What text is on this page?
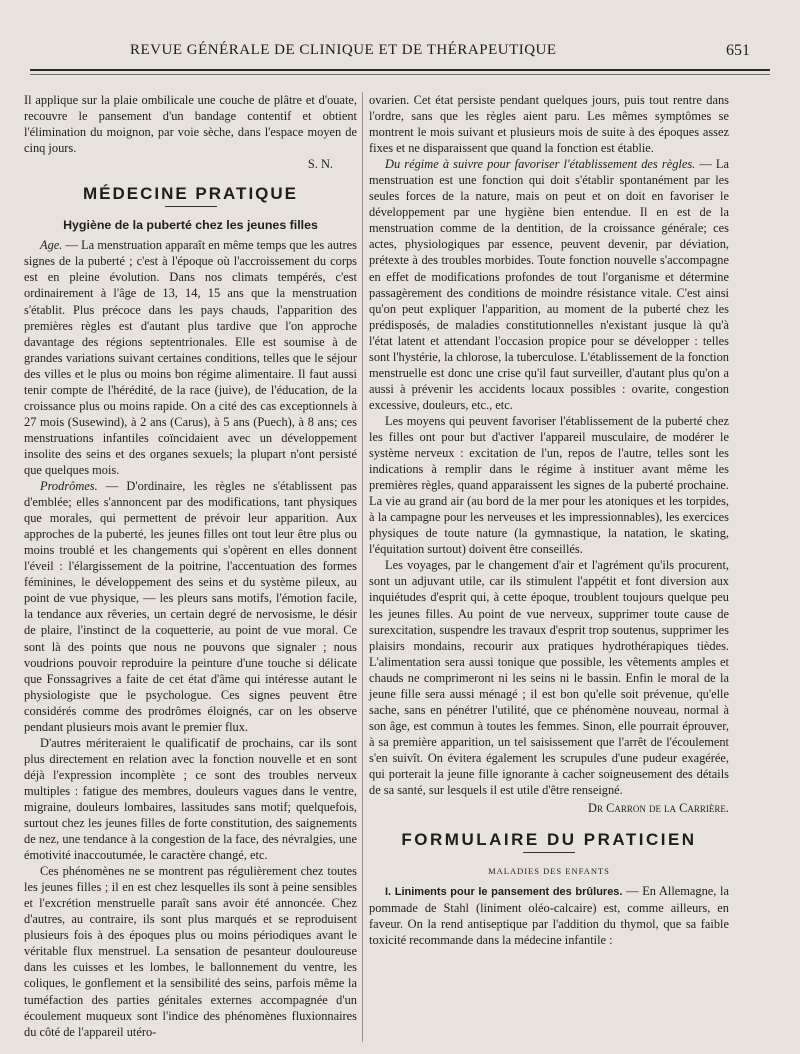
REVUE GÉNÉRALE DE CLINIQUE ET DE THÉRAPEUTIQUE	651

Il applique sur la plaie ombilicale une couche de plâtre et d'ouate, recouvre le pansement d'un bandage contentif et obtient l'élimination du moignon, par voie sèche, dans l'espace moyen de cinq jours.

S. N.
MÉDECINE PRATIQUE
Hygiène de la puberté chez les jeunes filles

Age. — La menstruation apparaît en même temps que les autres signes de la puberté ; c'est à l'époque où l'accroissement du corps est en pleine évolution. Dans nos climats tempérés, c'est ordinairement à l'âge de 13, 14, 15 ans que la menstruation s'établit. Plus précoce dans les pays chauds, l'apparition des premières règles est d'autant plus tardive que l'on approche davantage des régions septentrionales. Elle est soumise à de grandes variations suivant certaines conditions, telles que le séjour des villes et le plus ou moins bon régime alimentaire. Il faut aussi tenir compte de l'hérédité, de la race (juive), de l'éducation, de la croissance plus ou moins rapide. On a cité des cas exceptionnels à 27 mois (Susewind), à 2 ans (Carus), à 5 ans (Puech), à 8 ans; ces menstruations infantiles coïncidaient avec un développement insolite des seins et des organes sexuels; la plupart n'ont persisté que quelques mois.

Prodrômes. — D'ordinaire, les règles ne s'établissent pas d'emblée; elles s'annoncent par des modifications, tant physiques que morales, qui permettent de prévoir leur apparition. Aux approches de la puberté, les jeunes filles ont tout leur être plus ou moins troublé et les changements qui s'opèrent en elles donnent l'éveil : l'élargissement de la poitrine, l'accentuation des formes féminines, le développement des seins et du système pileux, au point de vue physique, — les pleurs sans motifs, l'émotion facile, la tendance aux rêveries, un certain degré de nervosisme, le désir de plaire, l'instinct de la coquetterie, au point de vue moral. Ce sont là des points que nous ne pouvons que signaler ; nous voudrions pouvoir reproduire la peinture d'une touche si délicate que Fonssagrives a faite de cet état d'âme qui intéresse autant le physiologiste que le psychologue. Ces signes peuvent être considérés comme des prodrômes éloignés, car on les observe pendant plusieurs mois avant le premier flux.

D'autres mériteraient le qualificatif de prochains, car ils sont plus directement en relation avec la fonction nouvelle et en sont déjà l'expression incomplète ; ce sont des troubles nerveux multiples : fatigue des membres, douleurs vagues dans le ventre, migraine, douleurs lombaires, lassitudes sans motif; quelquefois, surtout chez les jeunes filles de forte constitution, des saignements de nez, une tendance à la congestion de la face, des névralgies, une émotivité inaccoutumée, le caractère changé, etc.

Ces phénomènes ne se montrent pas régulièrement chez toutes les jeunes filles ; il en est chez lesquelles ils sont à peine sensibles et l'excrétion menstruelle paraît sans avoir été annoncée. Chez d'autres, au contraire, ils sont plus marqués et se reproduisent plusieurs fois à des époques plus ou moins périodiques avant le véritable flux menstruel. La sensation de pesanteur douloureuse dans les cuisses et les lombes, le ballonnement du ventre, les coliques, le gonflement et la sensibilité des seins, parfois même la tuméfaction des parties génitales externes accompagnée d'un écoulement muqueux sont l'indice des phénomènes fluxionnaires du côté de l'appareil utéro-

ovarien. Cet état persiste pendant quelques jours, puis tout rentre dans l'ordre, sans que les règles aient paru. Les mêmes symptômes se montrent le mois suivant et plusieurs mois de suite à des époques assez fixes et ne disparaissent que quand la fonction est établie.

Du régime à suivre pour favoriser l'établissement des règles. — La menstruation est une fonction qui doit s'établir spontanément par les seules forces de la nature, mais on peut et on doit en favoriser le développement par une hygiène bien entendue. Il en est de la menstruation comme de la dentition, de la croissance générale; ces actes, physiologiques par essence, peuvent devenir, par déviation, prétexte à des troubles morbides. Toute fonction nouvelle s'accompagne en effet de modifications profondes de tout l'organisme et détermine passagèrement des conditions de moindre résistance vitale. C'est ainsi qu'on peut expliquer l'apparition, au moment de la puberté chez les prédisposés, de maladies constitutionnelles n'existant jusque là qu'à l'état latent et attendant l'occasion propice pour se développer : telles sont l'hystérie, la chlorose, la tuberculose. L'établissement de la fonction menstruelle est donc une crise qu'il faut surveiller, d'autant plus qu'on a aussi à prévenir les accidents locaux possibles : ovarite, congestion excessive, douleurs, etc., etc.

Les moyens qui peuvent favoriser l'établissement de la puberté chez les filles ont pour but d'activer l'appareil musculaire, de modérer le système nerveux : excitation de l'un, repos de l'autre, telles sont les indications à remplir dans le régime à instituer avant même les premières règles, quand apparaissent les signes de la puberté prochaine. La vie au grand air (au bord de la mer pour les atoniques et les torpides, à la campagne pour les nerveuses et les impressionnables), les exercices physiques de toute nature (la gymnastique, la natation, le skating, l'équitation surtout) doivent être conseillés.

Les voyages, par le changement d'air et l'agrément qu'ils procurent, sont un adjuvant utile, car ils stimulent l'appétit et font diversion aux inquiétudes d'esprit qui, à cette époque, troublent toujours quelque peu les jeunes filles. Au point de vue nerveux, supprimer toute cause de surexcitation, suspendre les travaux d'esprit trop soutenus, supprimer les plaisirs mondains, recourir aux pratiques hydrothérapiques tièdes. L'alimentation sera aussi tonique que possible, les vêtements amples et chauds ne comprimeront ni les seins ni le bassin. Enfin le moral de la jeune fille sera aussi ménagé ; il est bon qu'elle soit prévenue, qu'elle sache, sans en pénétrer l'utilité, que ce phénomène nouveau, normal à son âge, est commun à toutes les femmes. Sinon, elle pourrait éprouver, à sa première apparition, un tel saisissement que l'arrêt de l'écoulement s'en suivît. On évitera également les scrupules d'une pudeur exagérée, qui porterait la jeune fille ignorante à cacher soigneusement des détails de sa santé, sur lesquels il est utile d'être renseigné.

Dr Carron de la Carrière.
FORMULAIRE DU PRATICIEN
MALADIES DES ENFANTS

I. Liniments pour le pansement des brûlures. — En Allemagne, la pommade de Stahl (liniment oléo-calcaire) est, comme ailleurs, en faveur. On la rend antiseptique par l'addition du thymol, que sa faible toxicité recommande dans la médecine infantile :
